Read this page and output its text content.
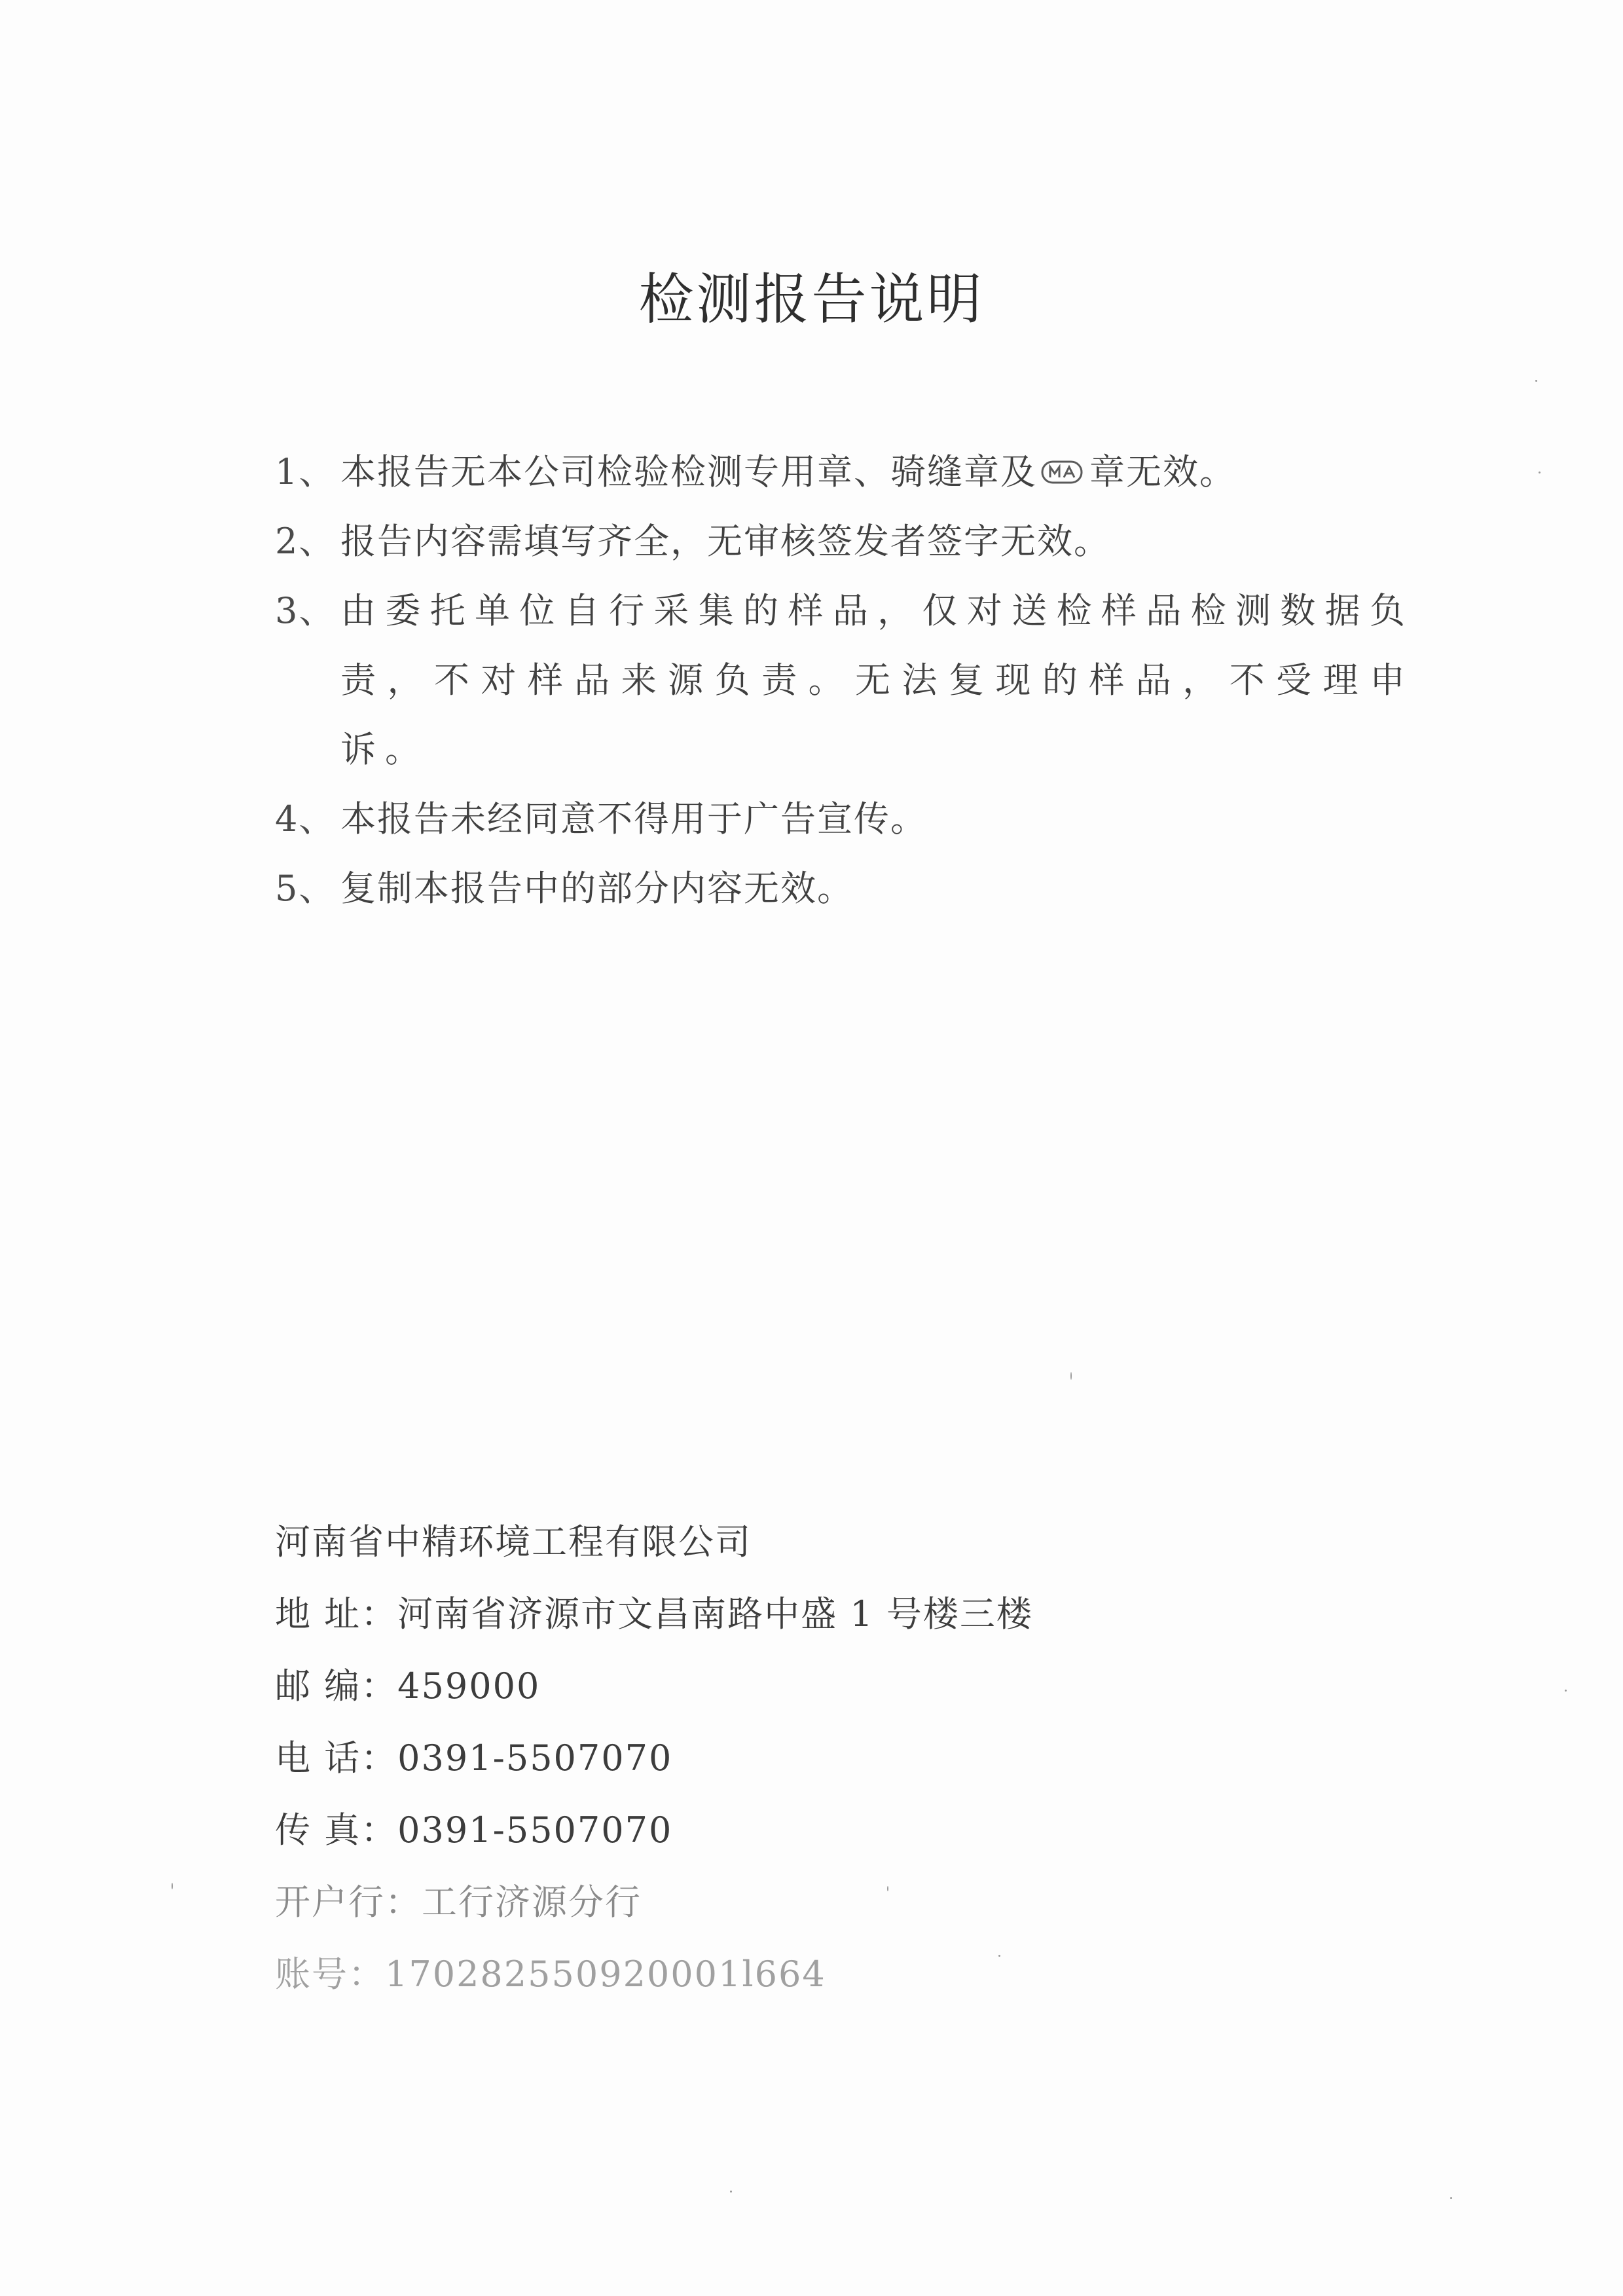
检测报告说明
1、 本报告无本公司检验检测专用章、骑缝章及 章无效。
2、 报告内容需填写齐全，无审核签发者签字无效。
3、 由委托单位自行采集的样品，仅对送检样品检测数据负责，不对样品来源负责。无法复现的样品，不受理申诉。
4、 本报告未经同意不得用于广告宣传。
5、 复制本报告中的部分内容无效。
河南省中精环境工程有限公司
地 址：河南省济源市文昌南路中盛 1 号楼三楼
邮 编：459000
电 话：0391-5507070
传 真：0391-5507070
开户行：工行济源分行
账号：170282550920001l664
